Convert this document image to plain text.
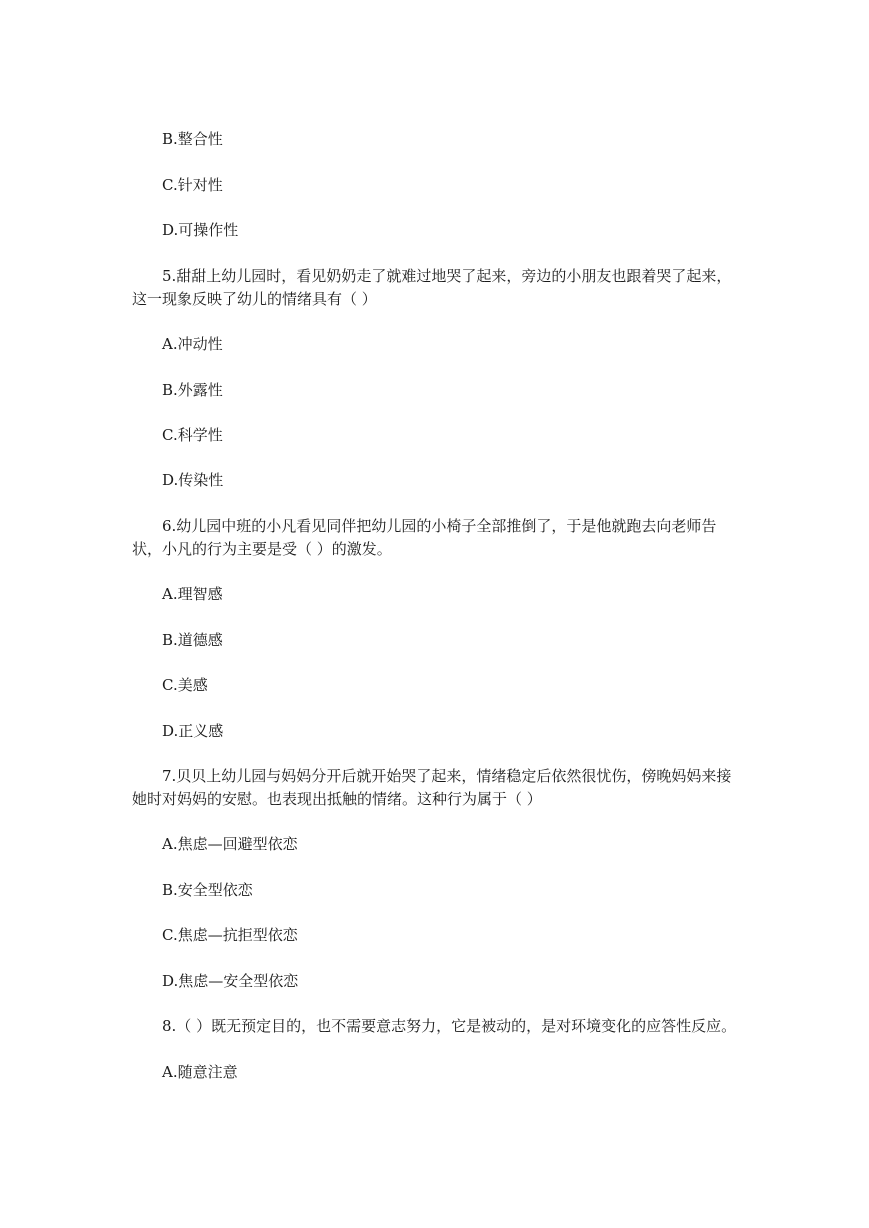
B.整合性
C.针对性
D.可操作性
5.甜甜上幼儿园时，看见奶奶走了就难过地哭了起来，旁边的小朋友也跟着哭了起来，
这一现象反映了幼儿的情绪具有（ ）
A.冲动性
B.外露性
C.科学性
D.传染性
6.幼儿园中班的小凡看见同伴把幼儿园的小椅子全部推倒了，于是他就跑去向老师告
状，小凡的行为主要是受（ ）的激发。
A.理智感
B.道德感
C.美感
D.正义感
7.贝贝上幼儿园与妈妈分开后就开始哭了起来，情绪稳定后依然很忧伤，傍晚妈妈来接
她时对妈妈的安慰。也表现出抵触的情绪。这种行为属于（ ）
A.焦虑—回避型依恋
B.安全型依恋
C.焦虑—抗拒型依恋
D.焦虑—安全型依恋
8.（ ）既无预定目的，也不需要意志努力，它是被动的，是对环境变化的应答性反应。
A.随意注意
